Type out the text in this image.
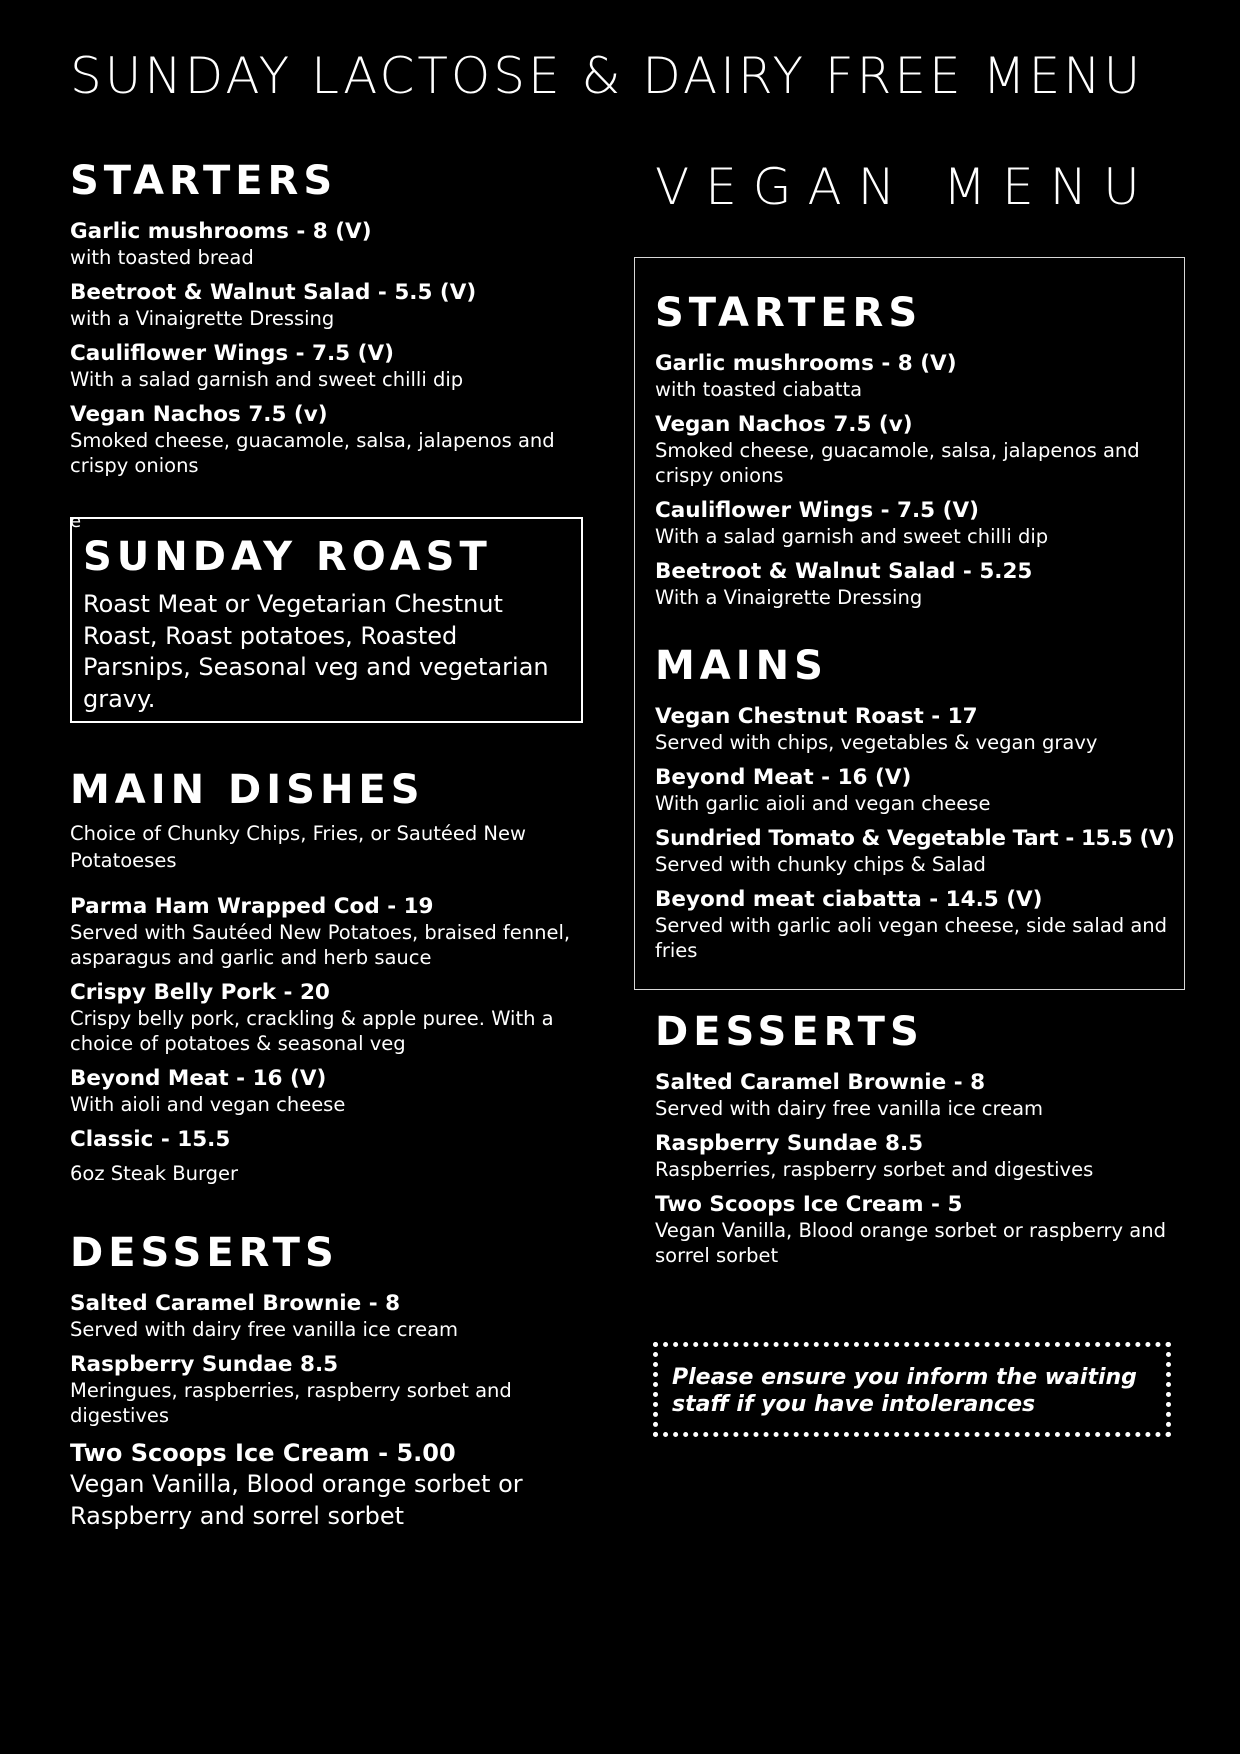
SUNDAY LACTOSE & DAIRY FREE MENU
STARTERS
Garlic mushrooms - 8 (V)
with toasted bread
Beetroot & Walnut Salad - 5.5 (V)
with a Vinaigrette Dressing
Cauliflower Wings - 7.5 (V)
With a salad garnish and sweet chilli dip
Vegan Nachos 7.5 (v)
Smoked cheese, guacamole, salsa, jalapenos and crispy onions
e
SUNDAY ROAST
Roast Meat or Vegetarian Chestnut Roast, Roast potatoes, Roasted Parsnips, Seasonal veg and vegetarian gravy.
MAIN DISHES
Choice of Chunky Chips, Fries, or Sautéed New Potatoeses
Parma Ham Wrapped Cod - 19
Served with Sautéed New Potatoes, braised fennel, asparagus and garlic and herb sauce
Crispy Belly Pork - 20
Crispy belly pork, crackling & apple puree. With a choice of potatoes & seasonal veg
Beyond Meat - 16 (V)
With aioli and vegan cheese
Classic - 15.5
6oz Steak Burger
DESSERTS
Salted Caramel Brownie - 8
Served with dairy free vanilla ice cream
Raspberry Sundae 8.5
Meringues, raspberries, raspberry sorbet and digestives
Two Scoops Ice Cream - 5.00
Vegan Vanilla, Blood orange sorbet or Raspberry and sorrel sorbet
VEGAN MENU
STARTERS
Garlic mushrooms - 8 (V)
with toasted ciabatta
Vegan Nachos 7.5 (v)
Smoked cheese, guacamole, salsa, jalapenos and crispy onions
Cauliflower Wings - 7.5 (V)
With a salad garnish and sweet chilli dip
Beetroot & Walnut Salad - 5.25
With a Vinaigrette Dressing
MAINS
Vegan Chestnut Roast - 17
Served with chips, vegetables & vegan gravy
Beyond Meat - 16 (V)
With garlic aioli and vegan cheese
Sundried Tomato & Vegetable Tart - 15.5 (V)
Served with chunky chips & Salad
Beyond meat ciabatta - 14.5 (V)
Served with garlic aoli vegan cheese, side salad and fries
DESSERTS
Salted Caramel Brownie - 8
Served with dairy free vanilla ice cream
Raspberry Sundae 8.5
Raspberries, raspberry sorbet and digestives
Two Scoops Ice Cream - 5
Vegan Vanilla, Blood orange sorbet or raspberry and sorrel sorbet
Please ensure you inform the waiting staff if you have intolerances
